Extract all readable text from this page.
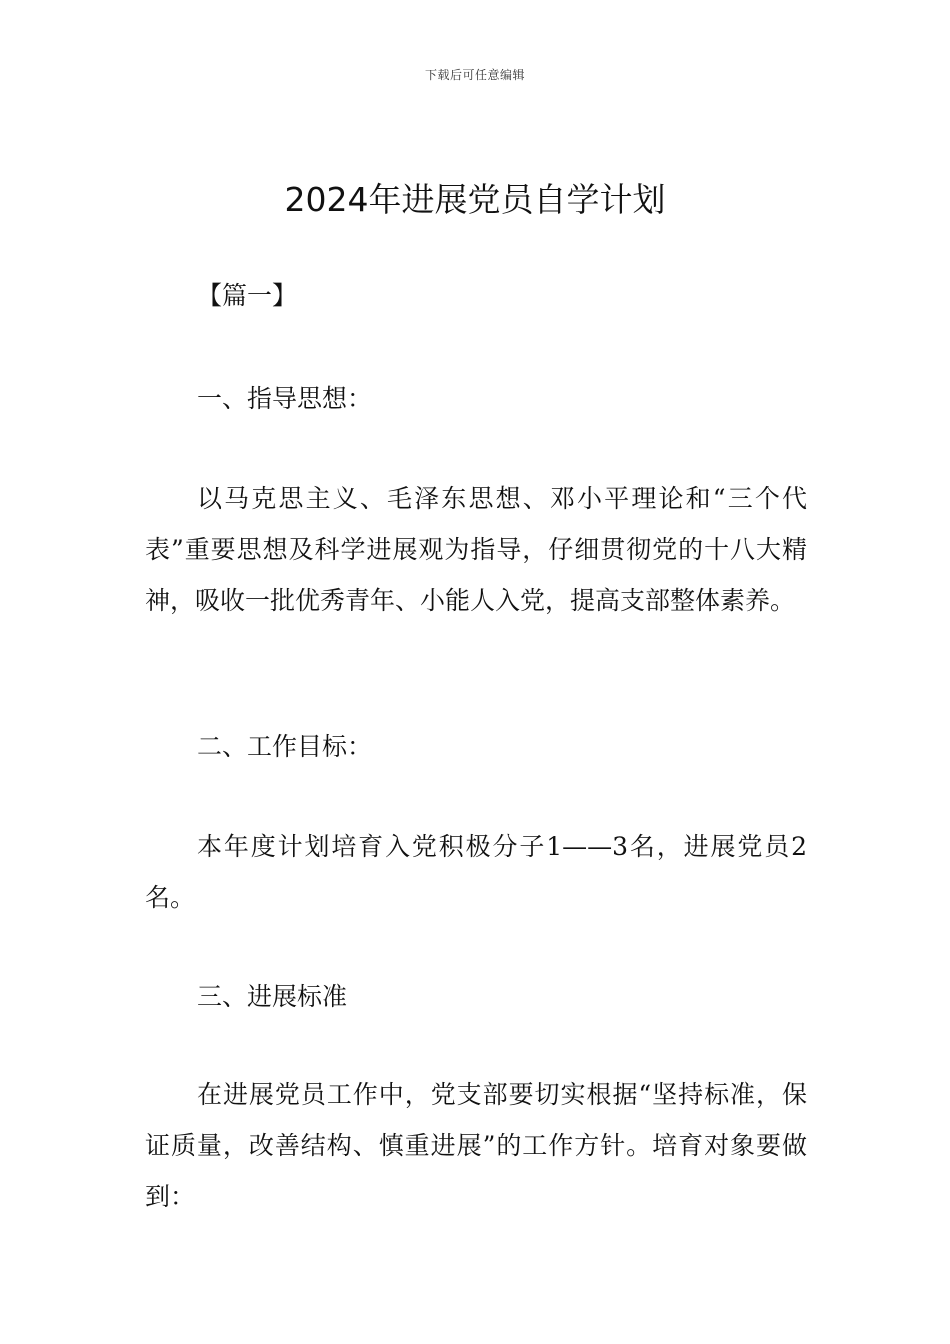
下载后可任意编辑
2024年进展党员自学计划

【篇一】

一、指导思想：

以马克思主义、毛泽东思想、邓小平理论和“三个代表”重要思想及科学进展观为指导，仔细贯彻党的十八大精神，吸收一批优秀青年、小能人入党，提高支部整体素养。

二、工作目标：

本年度计划培育入党积极分子1——3名，进展党员2名。

三、进展标准

在进展党员工作中，党支部要切实根据“坚持标准，保证质量，改善结构、慎重进展”的工作方针。培育对象要做到：
